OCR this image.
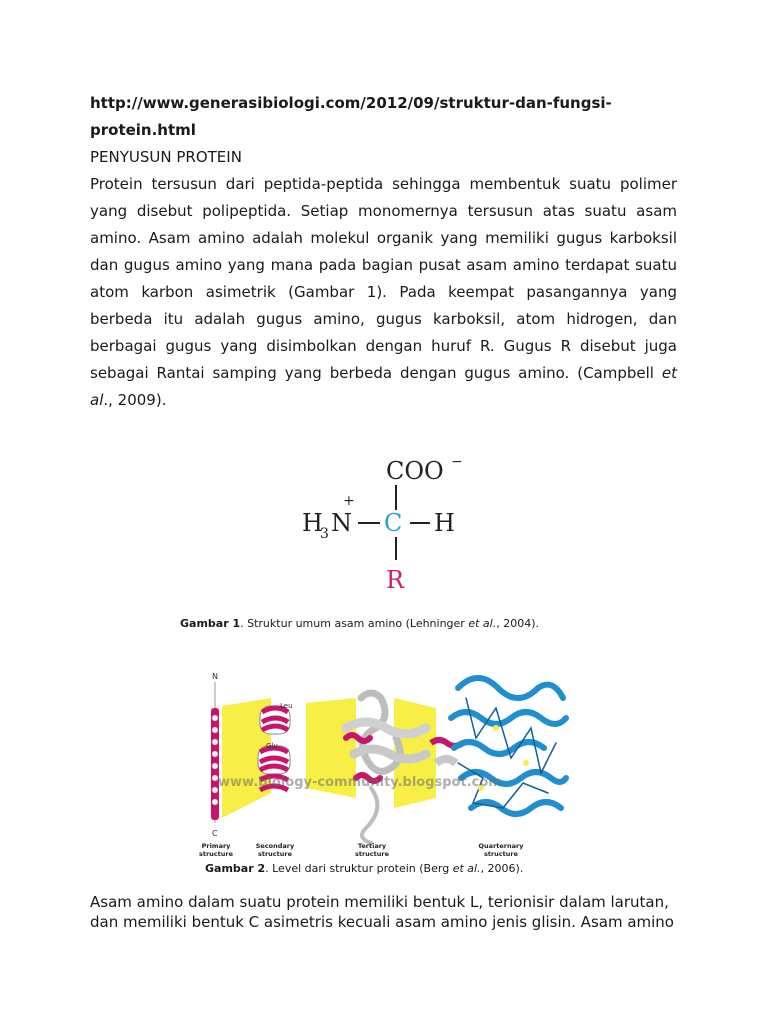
http://www.generasibiologi.com/2012/09/struktur-dan-fungsi-
protein.html
PENYUSUN PROTEIN
Protein tersusun dari peptida-peptida sehingga membentuk suatu polimer
yang disebut polipeptida. Setiap monomernya tersusun atas suatu asam
amino. Asam amino adalah molekul organik yang memiliki gugus karboksil
dan gugus amino yang mana pada bagian pusat asam amino terdapat suatu
atom karbon asimetrik (Gambar 1). Pada keempat pasangannya yang
berbeda itu adalah gugus amino, gugus karboksil, atom hidrogen, dan
berbagai gugus yang disimbolkan dengan huruf R. Gugus R disebut juga
sebagai Rantai samping yang berbeda dengan gugus amino. (Campbell et
al., 2009).
COO −
+
H
3 N C H
R
Gambar 1. Struktur umum asam amino (Lehninger et al., 2004).
N
C
Leu
Glu
www.biology-community.blogspot.com
Primary structure
Secondary structure
Tertiary structure
Quarternary structure
Gambar 2. Level dari struktur protein (Berg et al., 2006).
Asam amino dalam suatu protein memiliki bentuk L, terionisir dalam larutan,
dan memiliki bentuk C asimetris kecuali asam amino jenis glisin. Asam amino
